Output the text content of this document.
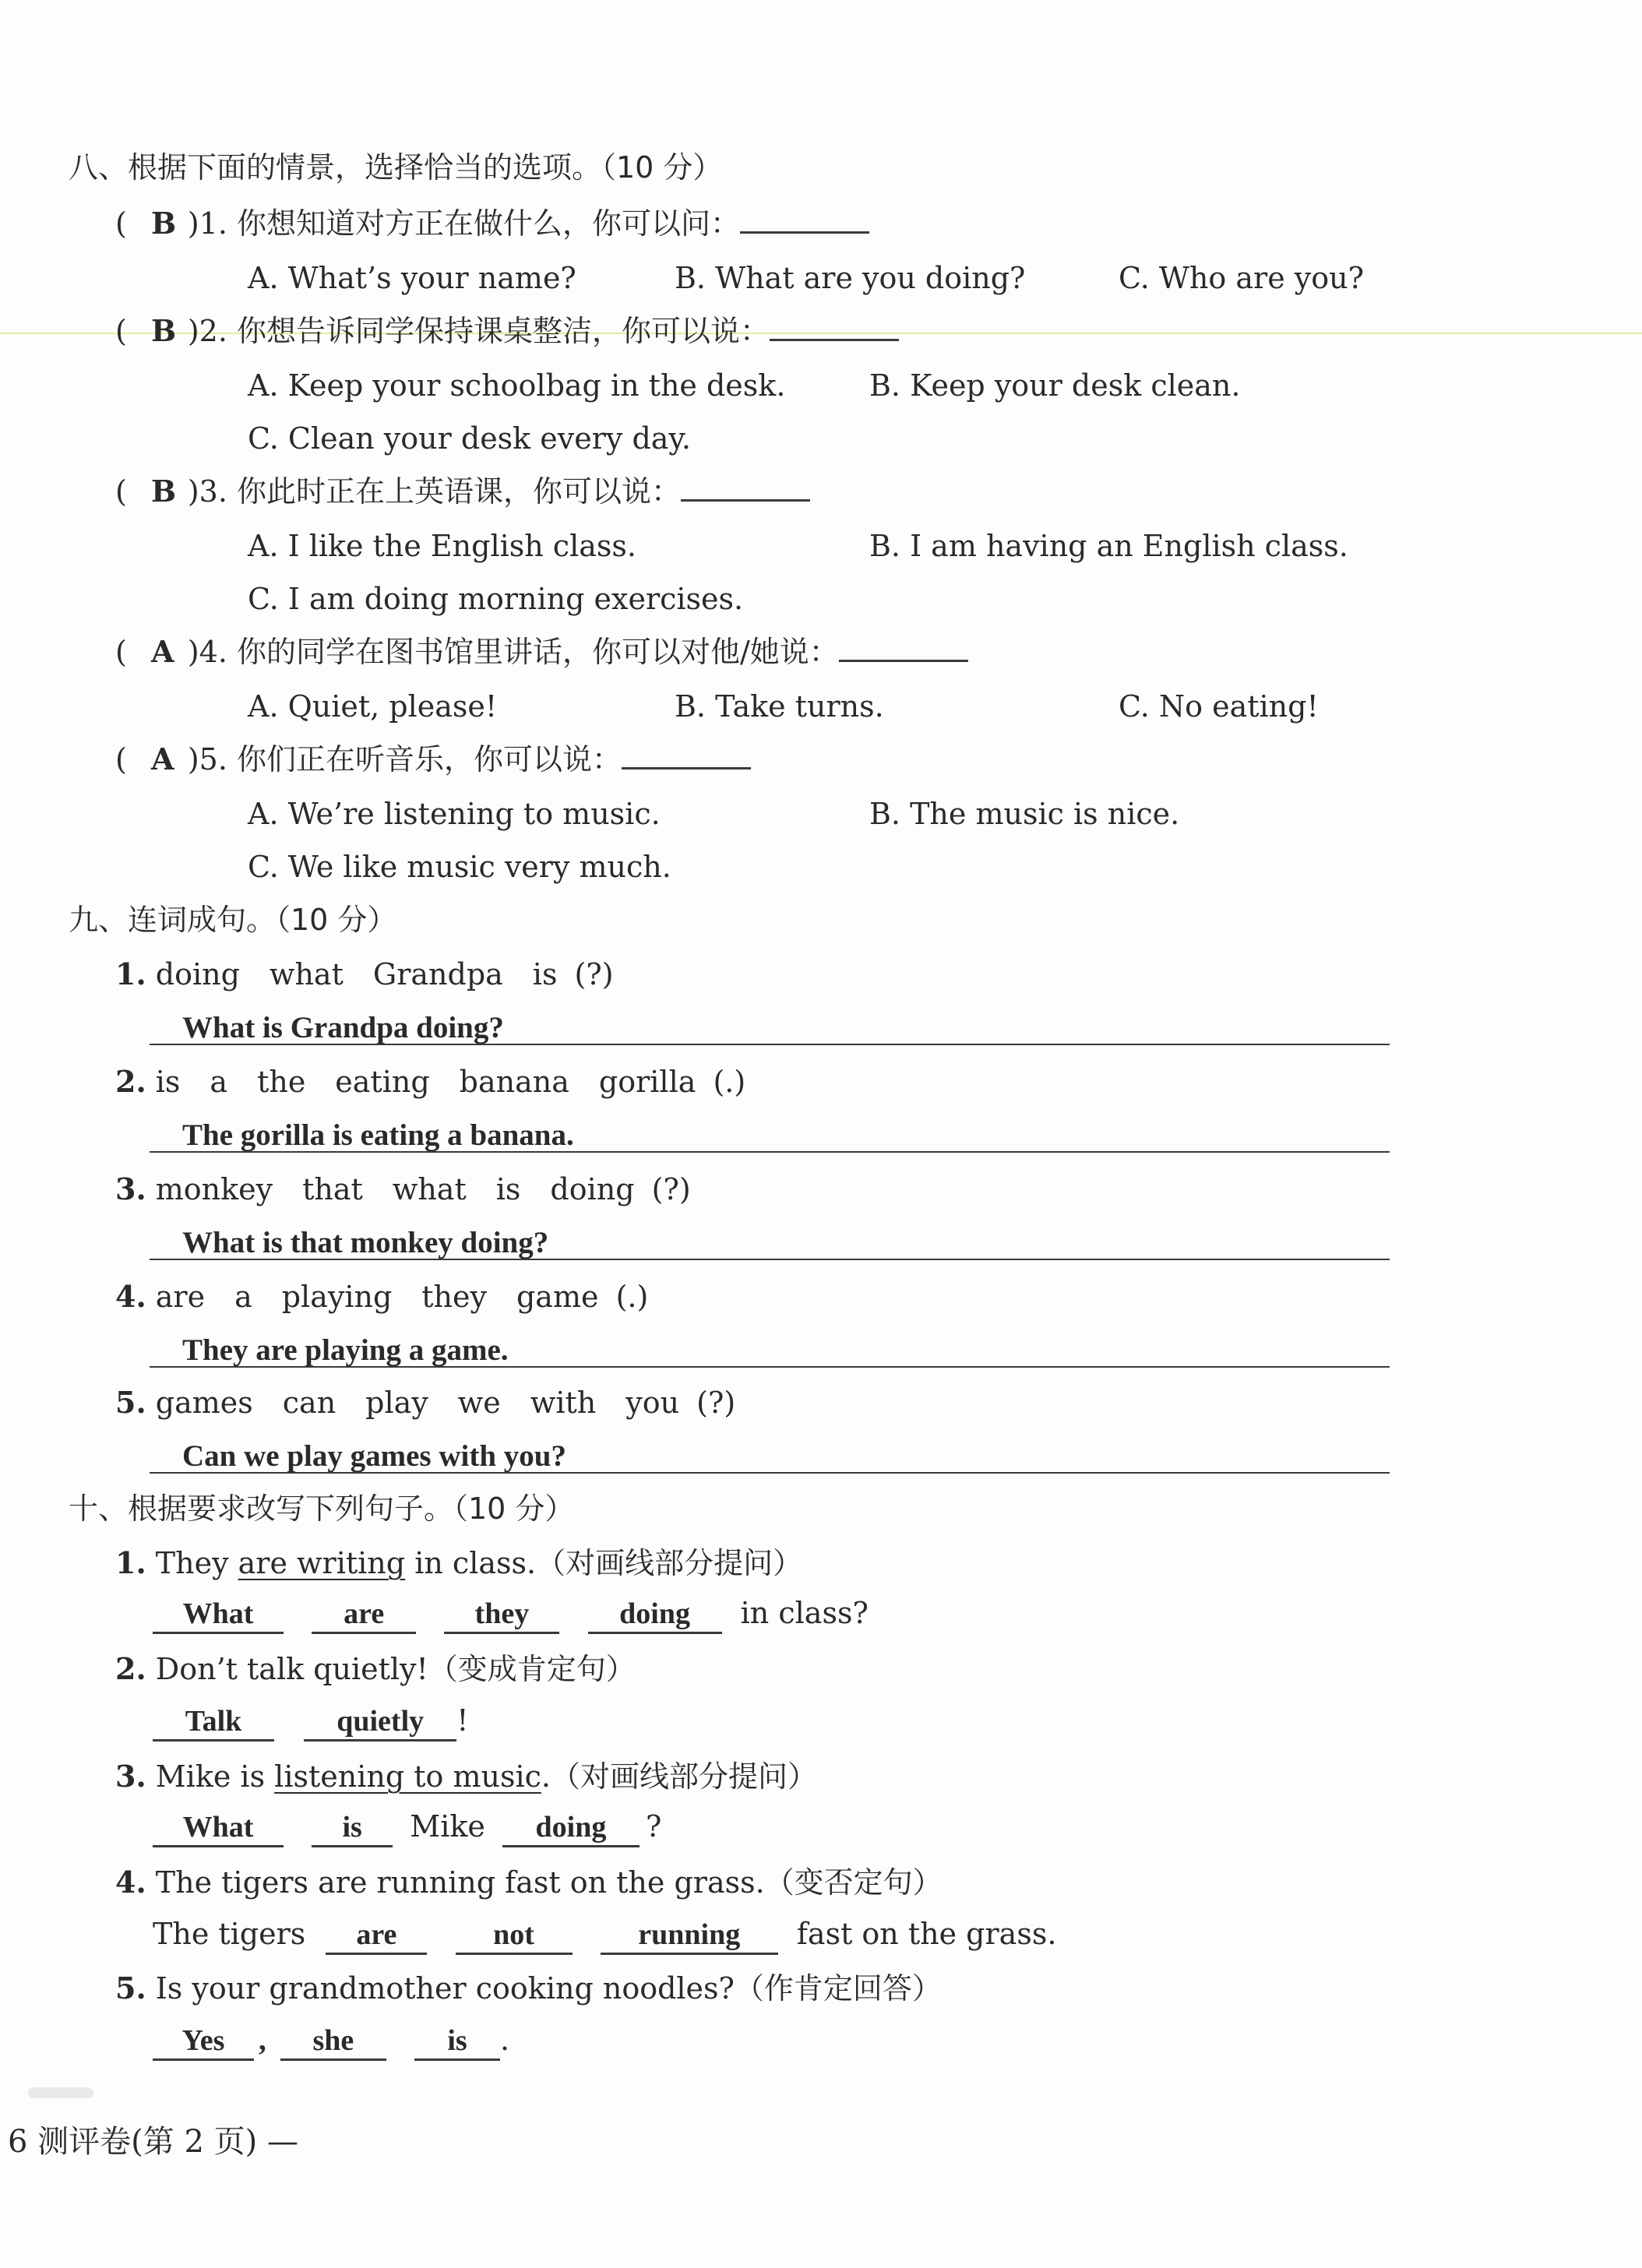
八、根据下面的情景，选择恰当的选项。（10 分）
( B )1. 你想知道对方正在做什么，你可以问：
A. What’s your name?	B. What are you doing?	C. Who are you?
( B )2. 你想告诉同学保持课桌整洁，你可以说：
A. Keep your schoolbag in the desk.	B. Keep your desk clean.
C. Clean your desk every day.
( B )3. 你此时正在上英语课，你可以说：
A. I like the English class.	B. I am having an English class.
C. I am doing morning exercises.
( A )4. 你的同学在图书馆里讲话，你可以对他/她说：
A. Quiet, please!	B. Take turns.	C. No eating!
( A )5. 你们正在听音乐，你可以说：
A. We’re listening to music.	B. The music is nice.
C. We like music very much.
九、连词成句。（10 分）
1. doing　what　Grandpa　is (?)
What is Grandpa doing?
2. is　a　the　eating　banana　gorilla (.)
The gorilla is eating a banana.
3. monkey　that　what　is　doing (?)
What is that monkey doing?
4. are　a　playing　they　game (.)
They are playing a game.
5. games　can　play　we　with　you (?)
Can we play games with you?
十、根据要求改写下列句子。（10 分）
1. They are writing in class.（对画线部分提问）
What	are	they	doing in class?
2. Don’t talk quietly!（变成肯定句）
Talk	quietly !
3. Mike is listening to music.（对画线部分提问）
What	is Mike doing ?
4. The tigers are running fast on the grass.（变否定句）
The tigers are	not	running fast on the grass.
5. Is your grandmother cooking noodles?（作肯定回答）
Yes , she	is .
6 测评卷(第 2 页) —
